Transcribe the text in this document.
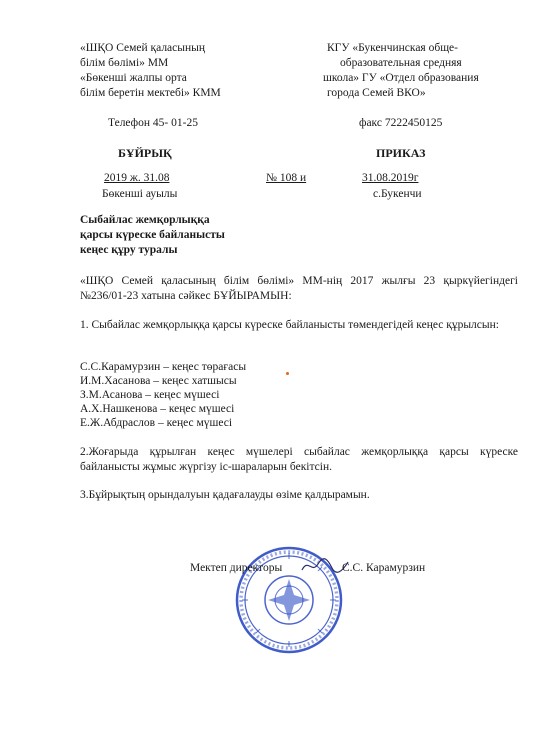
«ШҚО Семей қаласының
білім бөлімі» ММ
«Бөкенші жалпы орта
білім беретін мектебі» КММ
КГУ «Букенчинская обще-
образовательная средняя
школа» ГУ «Отдел образования
города Семей ВКО»
Телефон 45- 01-25	факс 7222450125
БҰЙРЫҚ	ПРИКАЗ
2019 ж. 31.08	№ 108 и	31.08.2019г
Бөкенші ауылы	с.Букенчи
Сыбайлас жемқорлыққа
қарсы күреске байланысты
кеңес құру туралы
«ШҚО Семей қаласының білім бөлімі» ММ-нің 2017 жылғы 23 қыркүйегіндегі №236/01-23 хатына сәйкес БҰЙЫРАМЫН:
1. Сыбайлас жемқорлыққа қарсы күреске байланысты төмендегідей кеңес құрылсын:
С.С.Карамурзин – кеңес төрағасы
И.М.Хасанова – кеңес хатшысы
З.М.Асанова – кеңес мүшесі
А.Х.Нашкенова – кеңес мүшесі
Е.Ж.Абдраслов – кеңес мүшесі
2.Жоғарыда құрылған кеңес мүшелері сыбайлас жемқорлыққа қарсы күреске байланысты жұмыс жүргізу іс-шараларын бекітсін.
3.Бұйрықтың орындалуын қадағалауды өзіме қалдырамын.
Мектеп директоры	С.С. Карамурзин
